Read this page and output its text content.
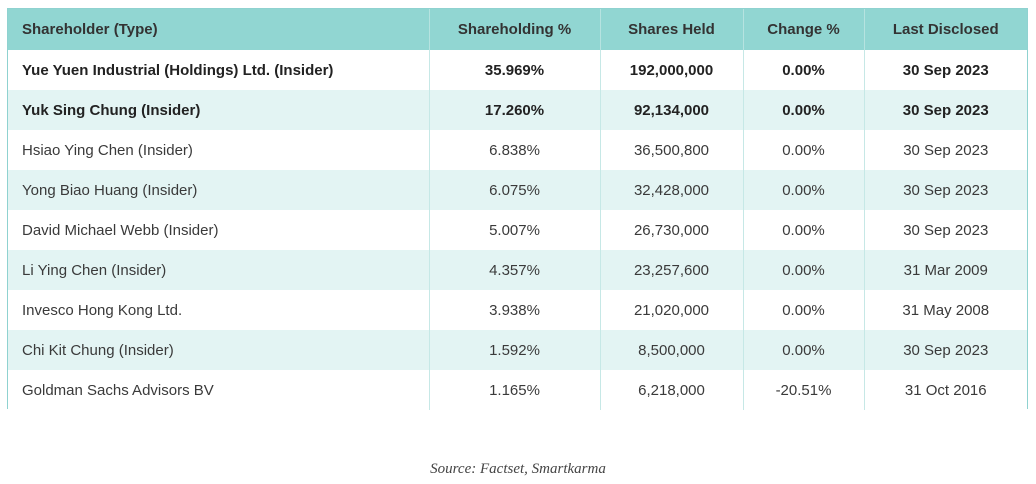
Shareholder (Type)	Shareholding %	Shares Held	Change %	Last Disclosed
Yue Yuen Industrial (Holdings) Ltd. (Insider)	35.969%	192,000,000	0.00%	30 Sep 2023
Yuk Sing Chung (Insider)	17.260%	92,134,000	0.00%	30 Sep 2023
Hsiao Ying Chen (Insider)	6.838%	36,500,800	0.00%	30 Sep 2023
Yong Biao Huang (Insider)	6.075%	32,428,000	0.00%	30 Sep 2023
David Michael Webb (Insider)	5.007%	26,730,000	0.00%	30 Sep 2023
Li Ying Chen (Insider)	4.357%	23,257,600	0.00%	31 Mar 2009
Invesco Hong Kong Ltd.	3.938%	21,020,000	0.00%	31 May 2008
Chi Kit Chung (Insider)	1.592%	8,500,000	0.00%	30 Sep 2023
Goldman Sachs Advisors BV	1.165%	6,218,000	-20.51%	31 Oct 2016
Source: Factset, Smartkarma
